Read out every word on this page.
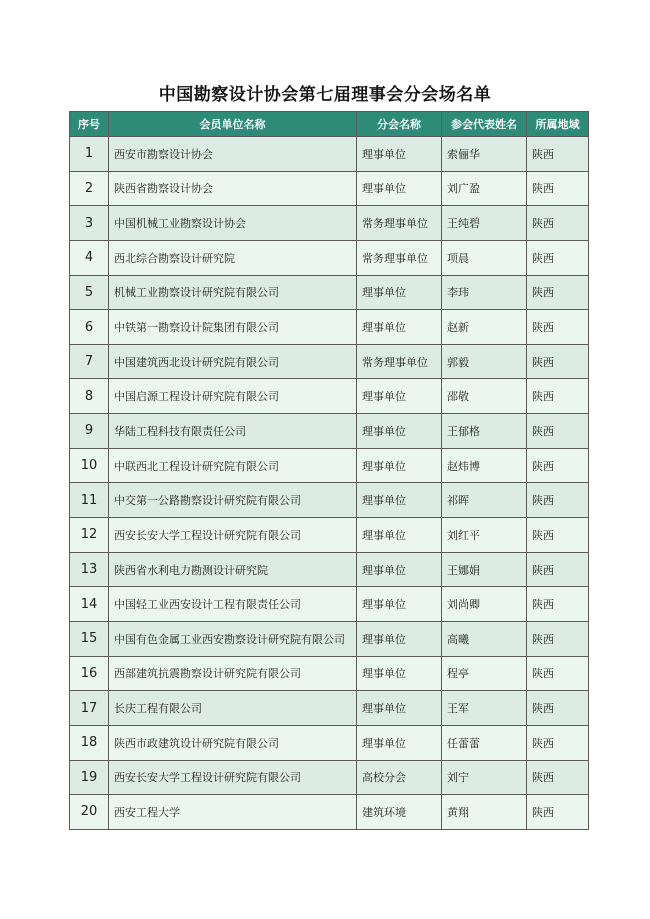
中国勘察设计协会第七届理事会分会场名单
序号	会员单位名称	分会名称	参会代表姓名	所属地域
1	西安市勘察设计协会	理事单位	索俪华	陕西
2	陕西省勘察设计协会	理事单位	刘广盈	陕西
3	中国机械工业勘察设计协会	常务理事单位	王纯碧	陕西
4	西北综合勘察设计研究院	常务理事单位	项晨	陕西
5	机械工业勘察设计研究院有限公司	理事单位	李玮	陕西
6	中铁第一勘察设计院集团有限公司	理事单位	赵新	陕西
7	中国建筑西北设计研究院有限公司	常务理事单位	郭毅	陕西
8	中国启源工程设计研究院有限公司	理事单位	邵敬	陕西
9	华陆工程科技有限责任公司	理事单位	王郁格	陕西
10	中联西北工程设计研究院有限公司	理事单位	赵炜博	陕西
11	中交第一公路勘察设计研究院有限公司	理事单位	祁晖	陕西
12	西安长安大学工程设计研究院有限公司	理事单位	刘红平	陕西
13	陕西省水利电力勘测设计研究院	理事单位	王娜娟	陕西
14	中国轻工业西安设计工程有限责任公司	理事单位	刘尚卿	陕西
15	中国有色金属工业西安勘察设计研究院有限公司	理事单位	高曦	陕西
16	西部建筑抗震勘察设计研究院有限公司	理事单位	程亭	陕西
17	长庆工程有限公司	理事单位	王军	陕西
18	陕西市政建筑设计研究院有限公司	理事单位	任蕾蕾	陕西
19	西安长安大学工程设计研究院有限公司	高校分会	刘宁	陕西
20	西安工程大学	建筑环境	黄翔	陕西
